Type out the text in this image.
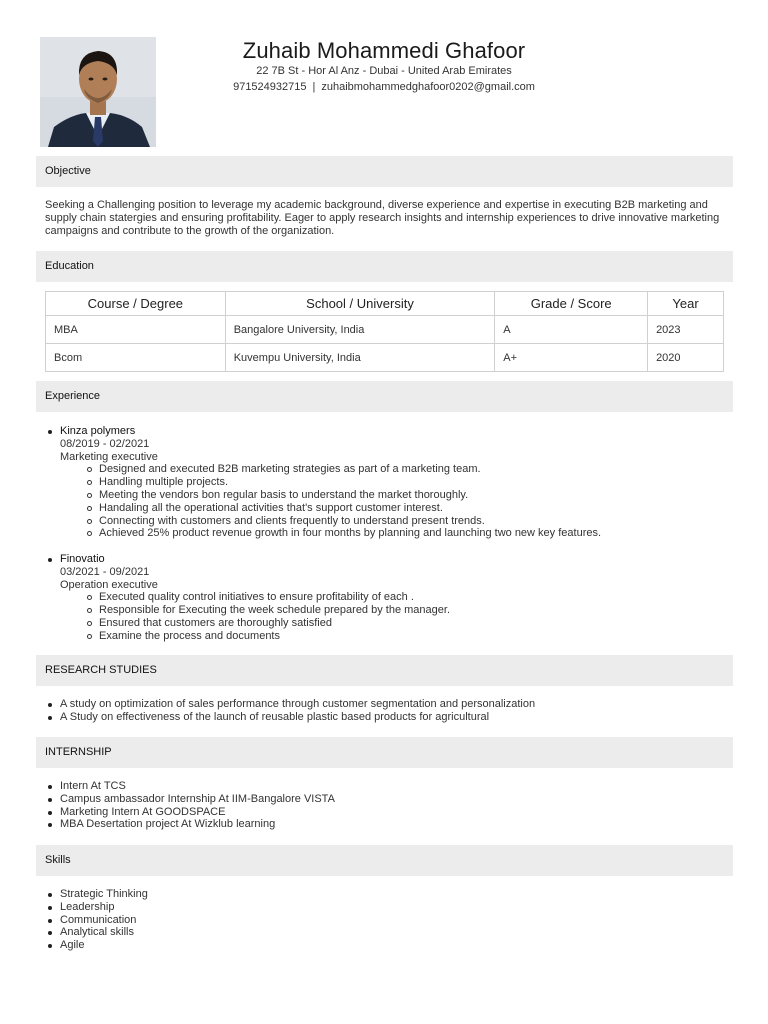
Zuhaib Mohammedi Ghafoor
22 7B St - Hor Al Anz - Dubai - United Arab Emirates
971524932715 | zuhaibmohammedghafoor0202@gmail.com
Objective
Seeking a Challenging position to leverage my academic background, diverse experience and expertise in executing B2B marketing and supply chain statergies and ensuring profitability. Eager to apply research insights and internship experiences to drive innovative marketing campaigns and contribute to the growth of the organization.
Education
Course / Degree	School / University	Grade / Score	Year
MBA	Bangalore University, India	A	2023
Bcom	Kuvempu University, India	A+	2020
Experience
Kinza polymers
08/2019 - 02/2021
Marketing executive
Designed and executed B2B marketing strategies as part of a marketing team.
Handling multiple projects.
Meeting the vendors bon regular basis to understand the market thoroughly.
Handaling all the operational activities that's support customer interest.
Connecting with customers and clients frequently to understand present trends.
Achieved 25% product revenue growth in four months by planning and launching two new key features.
Finovatio
03/2021 - 09/2021
Operation executive
Executed quality control initiatives to ensure profitability of each .
Responsible for Executing the week schedule prepared by the manager.
Ensured that customers are thoroughly satisfied
Examine the process and documents
RESEARCH STUDIES
A study on optimization of sales performance through customer segmentation and personalization
A Study on effectiveness of the launch of reusable plastic based products for agricultural
INTERNSHIP
Intern At TCS
Campus ambassador Internship At IIM-Bangalore VISTA
Marketing Intern At GOODSPACE
MBA Desertation project At Wizklub learning
Skills
Strategic Thinking
Leadership
Communication
Analytical skills
Agile
